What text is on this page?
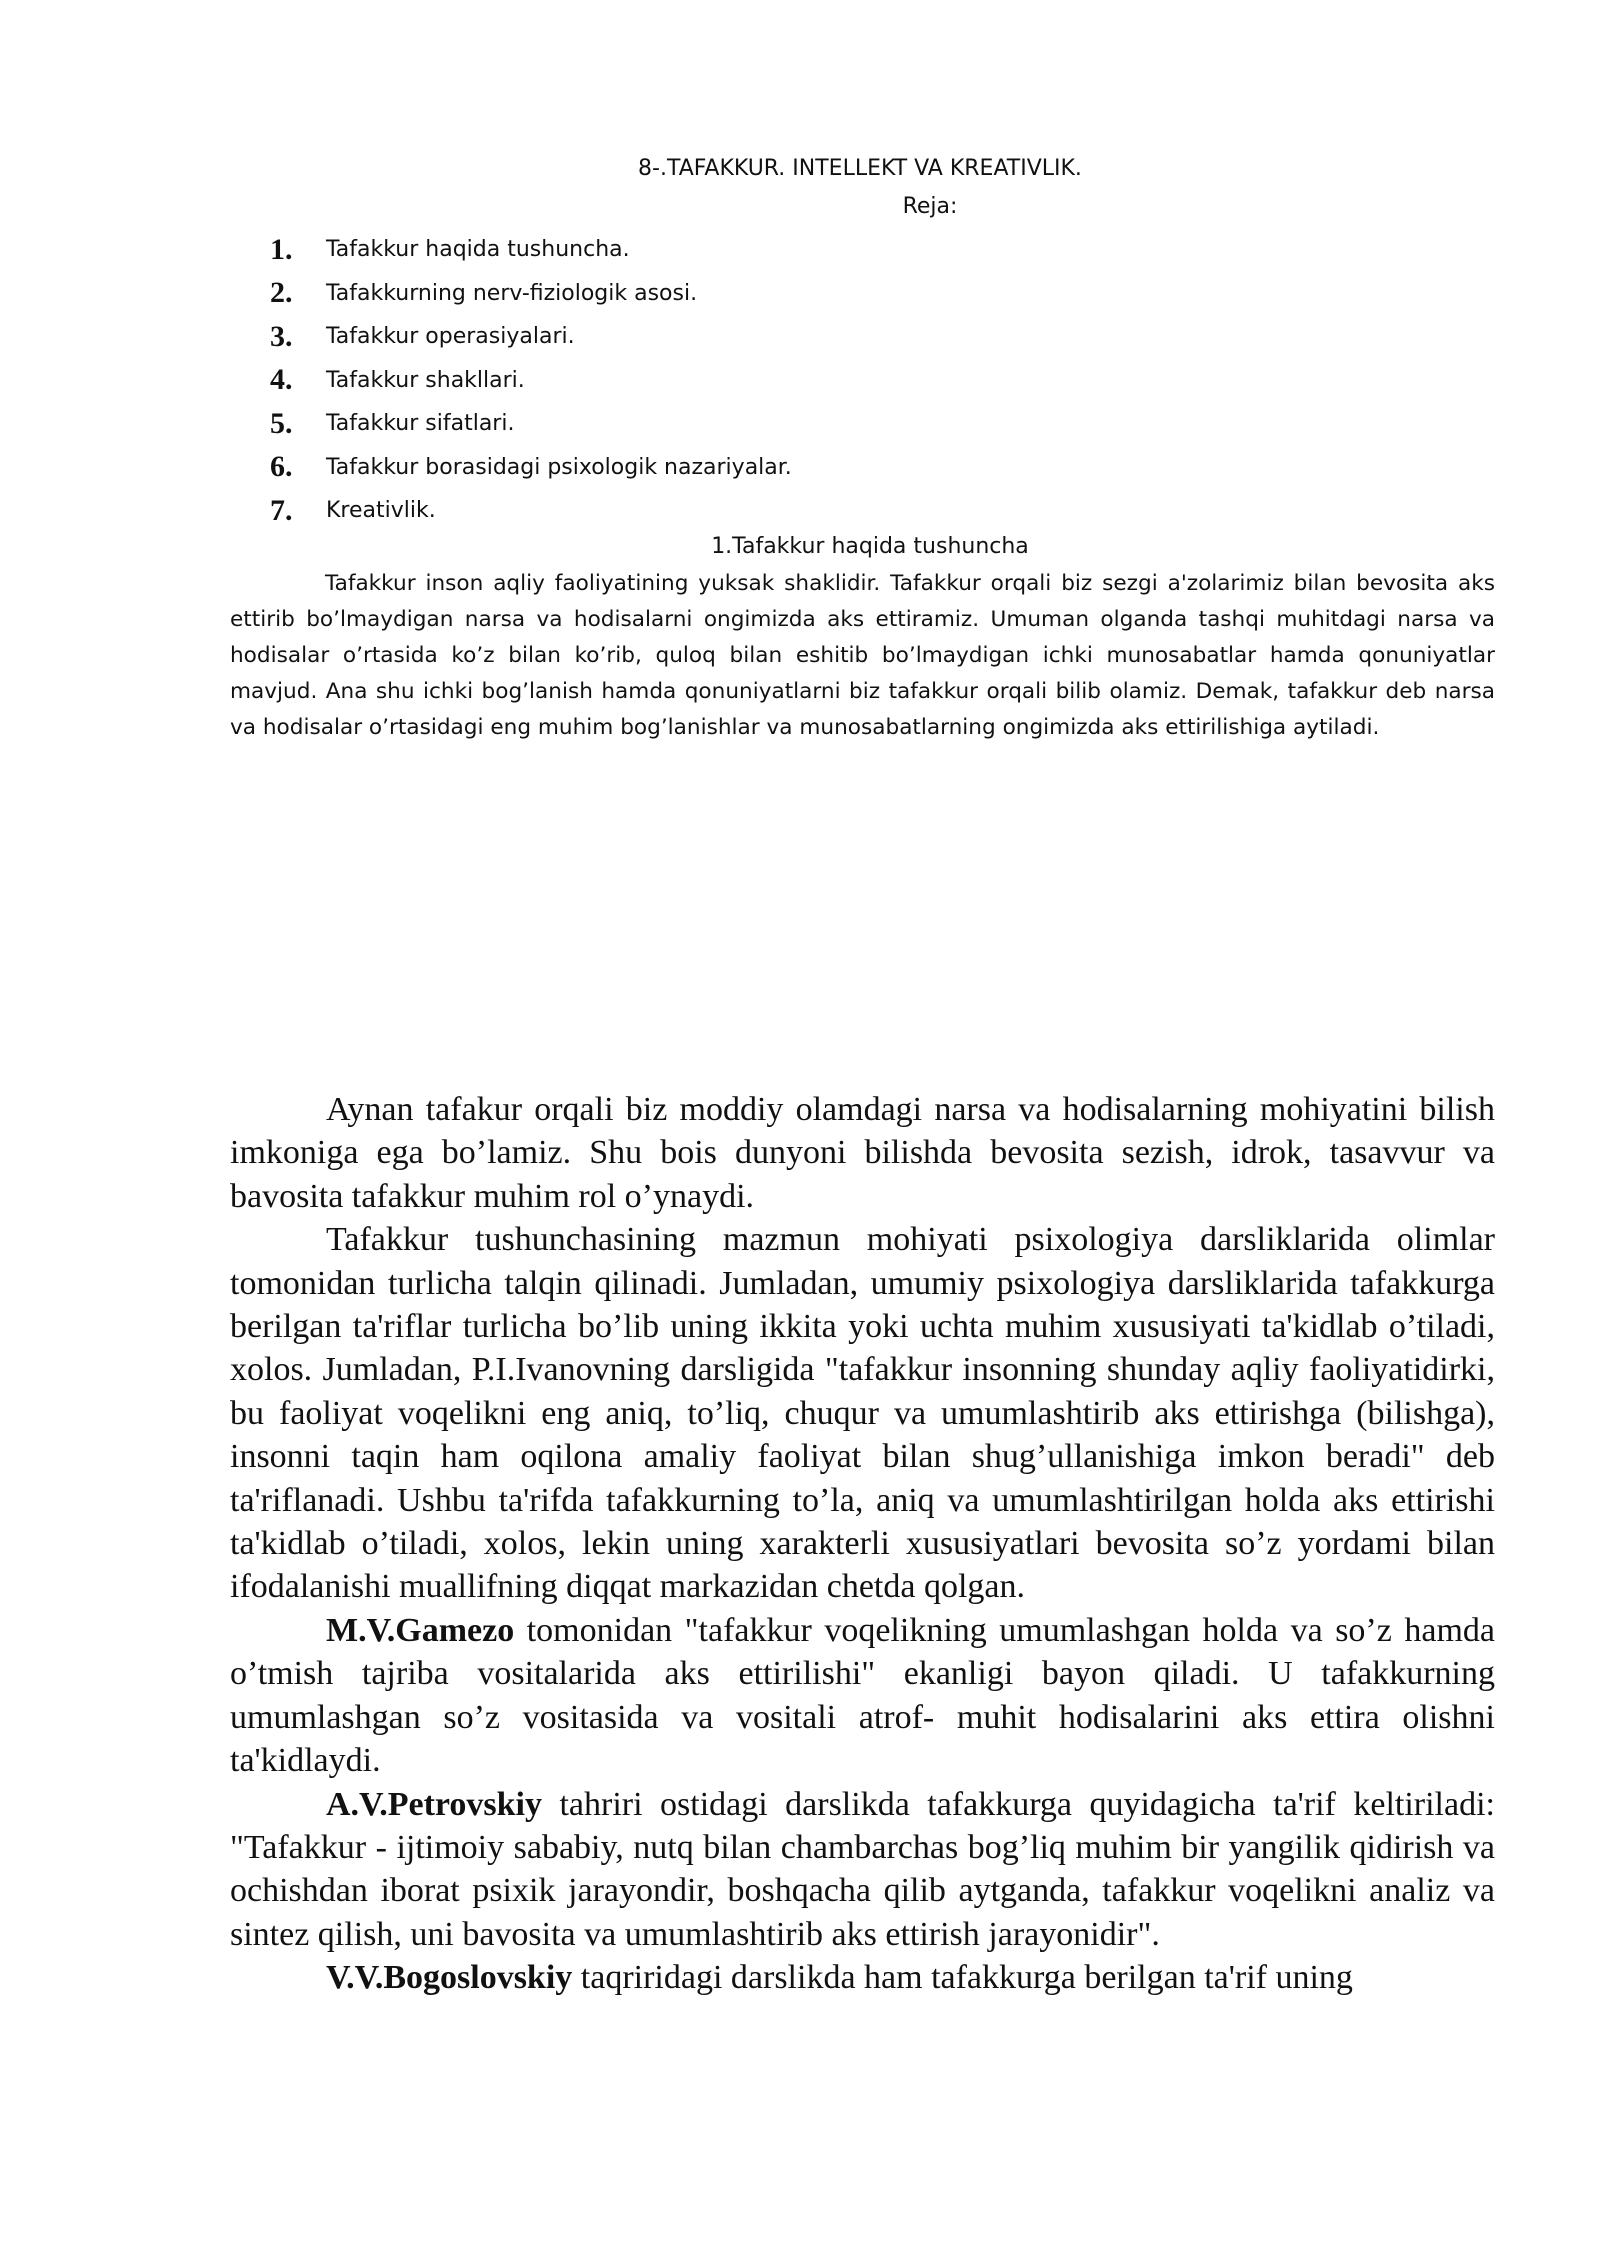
8-.TAFAKKUR. INTELLEKT VA KREATIVLIK.
Reja:
1.	Tafakkur haqida tushuncha.
2.	Tafakkurning nerv-fiziologik asosi.
3.	Tafakkur operasiyalari.
4.	Tafakkur shakllari.
5.	Tafakkur sifatlari.
6.	Tafakkur borasidagi psixologik nazariyalar.
7.	Kreativlik.
1.Tafakkur haqida tushuncha

Tafakkur inson aqliy faoliyatining yuksak shaklidir. Tafakkur orqali biz sezgi a'zolarimiz bilan bevosita aks ettirib bo’lmaydigan narsa va hodisalarni ongimizda aks ettiramiz. Umuman olganda tashqi muhitdagi narsa va hodisalar o’rtasida ko’z bilan ko’rib, quloq bilan eshitib bo’lmaydigan ichki munosabatlar hamda qonuniyatlar mavjud. Ana shu ichki bog’lanish hamda qonuniyatlarni biz tafakkur orqali bilib olamiz. Demak, tafakkur deb narsa va hodisalar o’rtasidagi eng muhim bog’lanishlar va munosabatlarning ongimizda aks ettirilishiga aytiladi.

Aynan tafakur orqali biz moddiy olamdagi narsa va hodisalarning mohiyatini bilish imkoniga ega bo’lamiz. Shu bois dunyoni bilishda bevosita sezish, idrok, tasavvur va bavosita tafakkur muhim rol o’ynaydi.

Tafakkur tushunchasining mazmun mohiyati psixologiya darsliklarida olimlar tomonidan turlicha talqin qilinadi. Jumladan, umumiy psixologiya darsliklarida tafakkurga berilgan ta'riflar turlicha bo’lib uning ikkita yoki uchta muhim xususiyati ta'kidlab o’tiladi, xolos. Jumladan, P.I.Ivanovning darsligida "tafakkur insonning shunday aqliy faoliyatidirki, bu faoliyat voqelikni eng aniq, to’liq, chuqur va umumlashtirib aks ettirishga (bilishga), insonni taqin ham oqilona amaliy faoliyat bilan shug’ullanishiga imkon beradi" deb ta'riflanadi. Ushbu ta'rifda tafakkurning to’la, aniq va umumlashtirilgan holda aks ettirishi ta'kidlab o’tiladi, xolos, lekin uning xarakterli xususiyatlari bevosita so’z yordami bilan ifodalanishi muallifning diqqat markazidan chetda qolgan.

M.V.Gamezo tomonidan "tafakkur voqelikning umumlashgan holda va so’z hamda o’tmish tajriba vositalarida aks ettirilishi" ekanligi bayon qiladi. U tafakkurning umumlashgan so’z vositasida va vositali atrof- muhit hodisalarini aks ettira olishni ta'kidlaydi.

A.V.Petrovskiy tahriri ostidagi darslikda tafakkurga quyidagicha ta'rif keltiriladi: "Tafakkur - ijtimoiy sababiy, nutq bilan chambarchas bog’liq muhim bir yangilik qidirish va ochishdan iborat psixik jarayondir, boshqacha qilib aytganda, tafakkur voqelikni analiz va sintez qilish, uni bavosita va umumlashtirib aks ettirish jarayonidir".

V.V.Bogoslovskiy taqriridagi darslikda ham tafakkurga berilgan ta'rif uning
